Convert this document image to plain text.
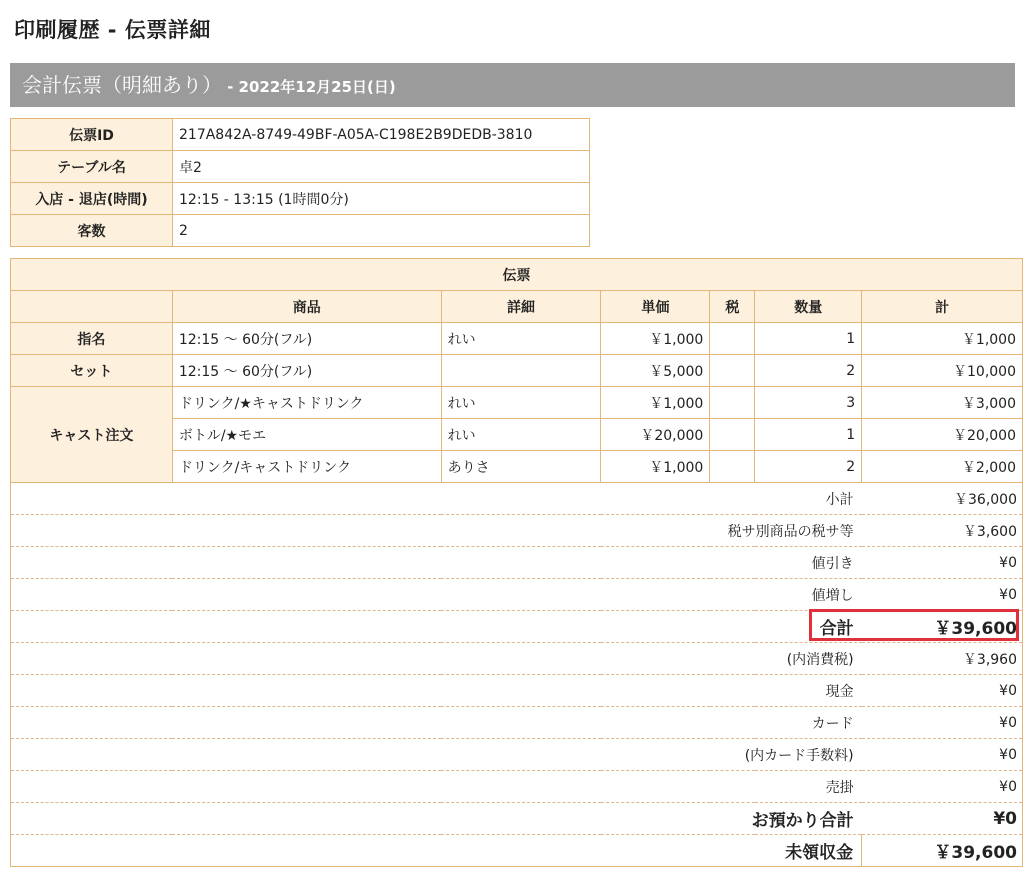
印刷履歴 - 伝票詳細
会計伝票（明細あり） - 2022年12月25日(日)
伝票ID	217A842A-8749-49BF-A05A-C198E2B9DEDB-3810
テーブル名	卓2
入店 - 退店(時間)	12:15 - 13:15 (1時間0分)
客数	2
伝票						
	商品	詳細	単価	税	数量	計
指名	12:15 〜 60分(フル)	れい	￥1,000		1	￥1,000
セット	12:15 〜 60分(フル)		￥5,000		2	￥10,000
キャスト注文	ドリンク/★キャストドリンク	れい	￥1,000		3	￥3,000
	ボトル/★モエ	れい	￥20,000		1	￥20,000
	ドリンク/キャストドリンク	ありさ	￥1,000		2	￥2,000
小計						￥36,000
税サ別商品の税サ等						￥3,600
値引き						¥0
値増し						¥0
合計						￥39,600
(内消費税)						￥3,960
現金						¥0
カード						¥0
(内カード手数料)						¥0
売掛						¥0
お預かり合計						¥0
未領収金						￥39,600
